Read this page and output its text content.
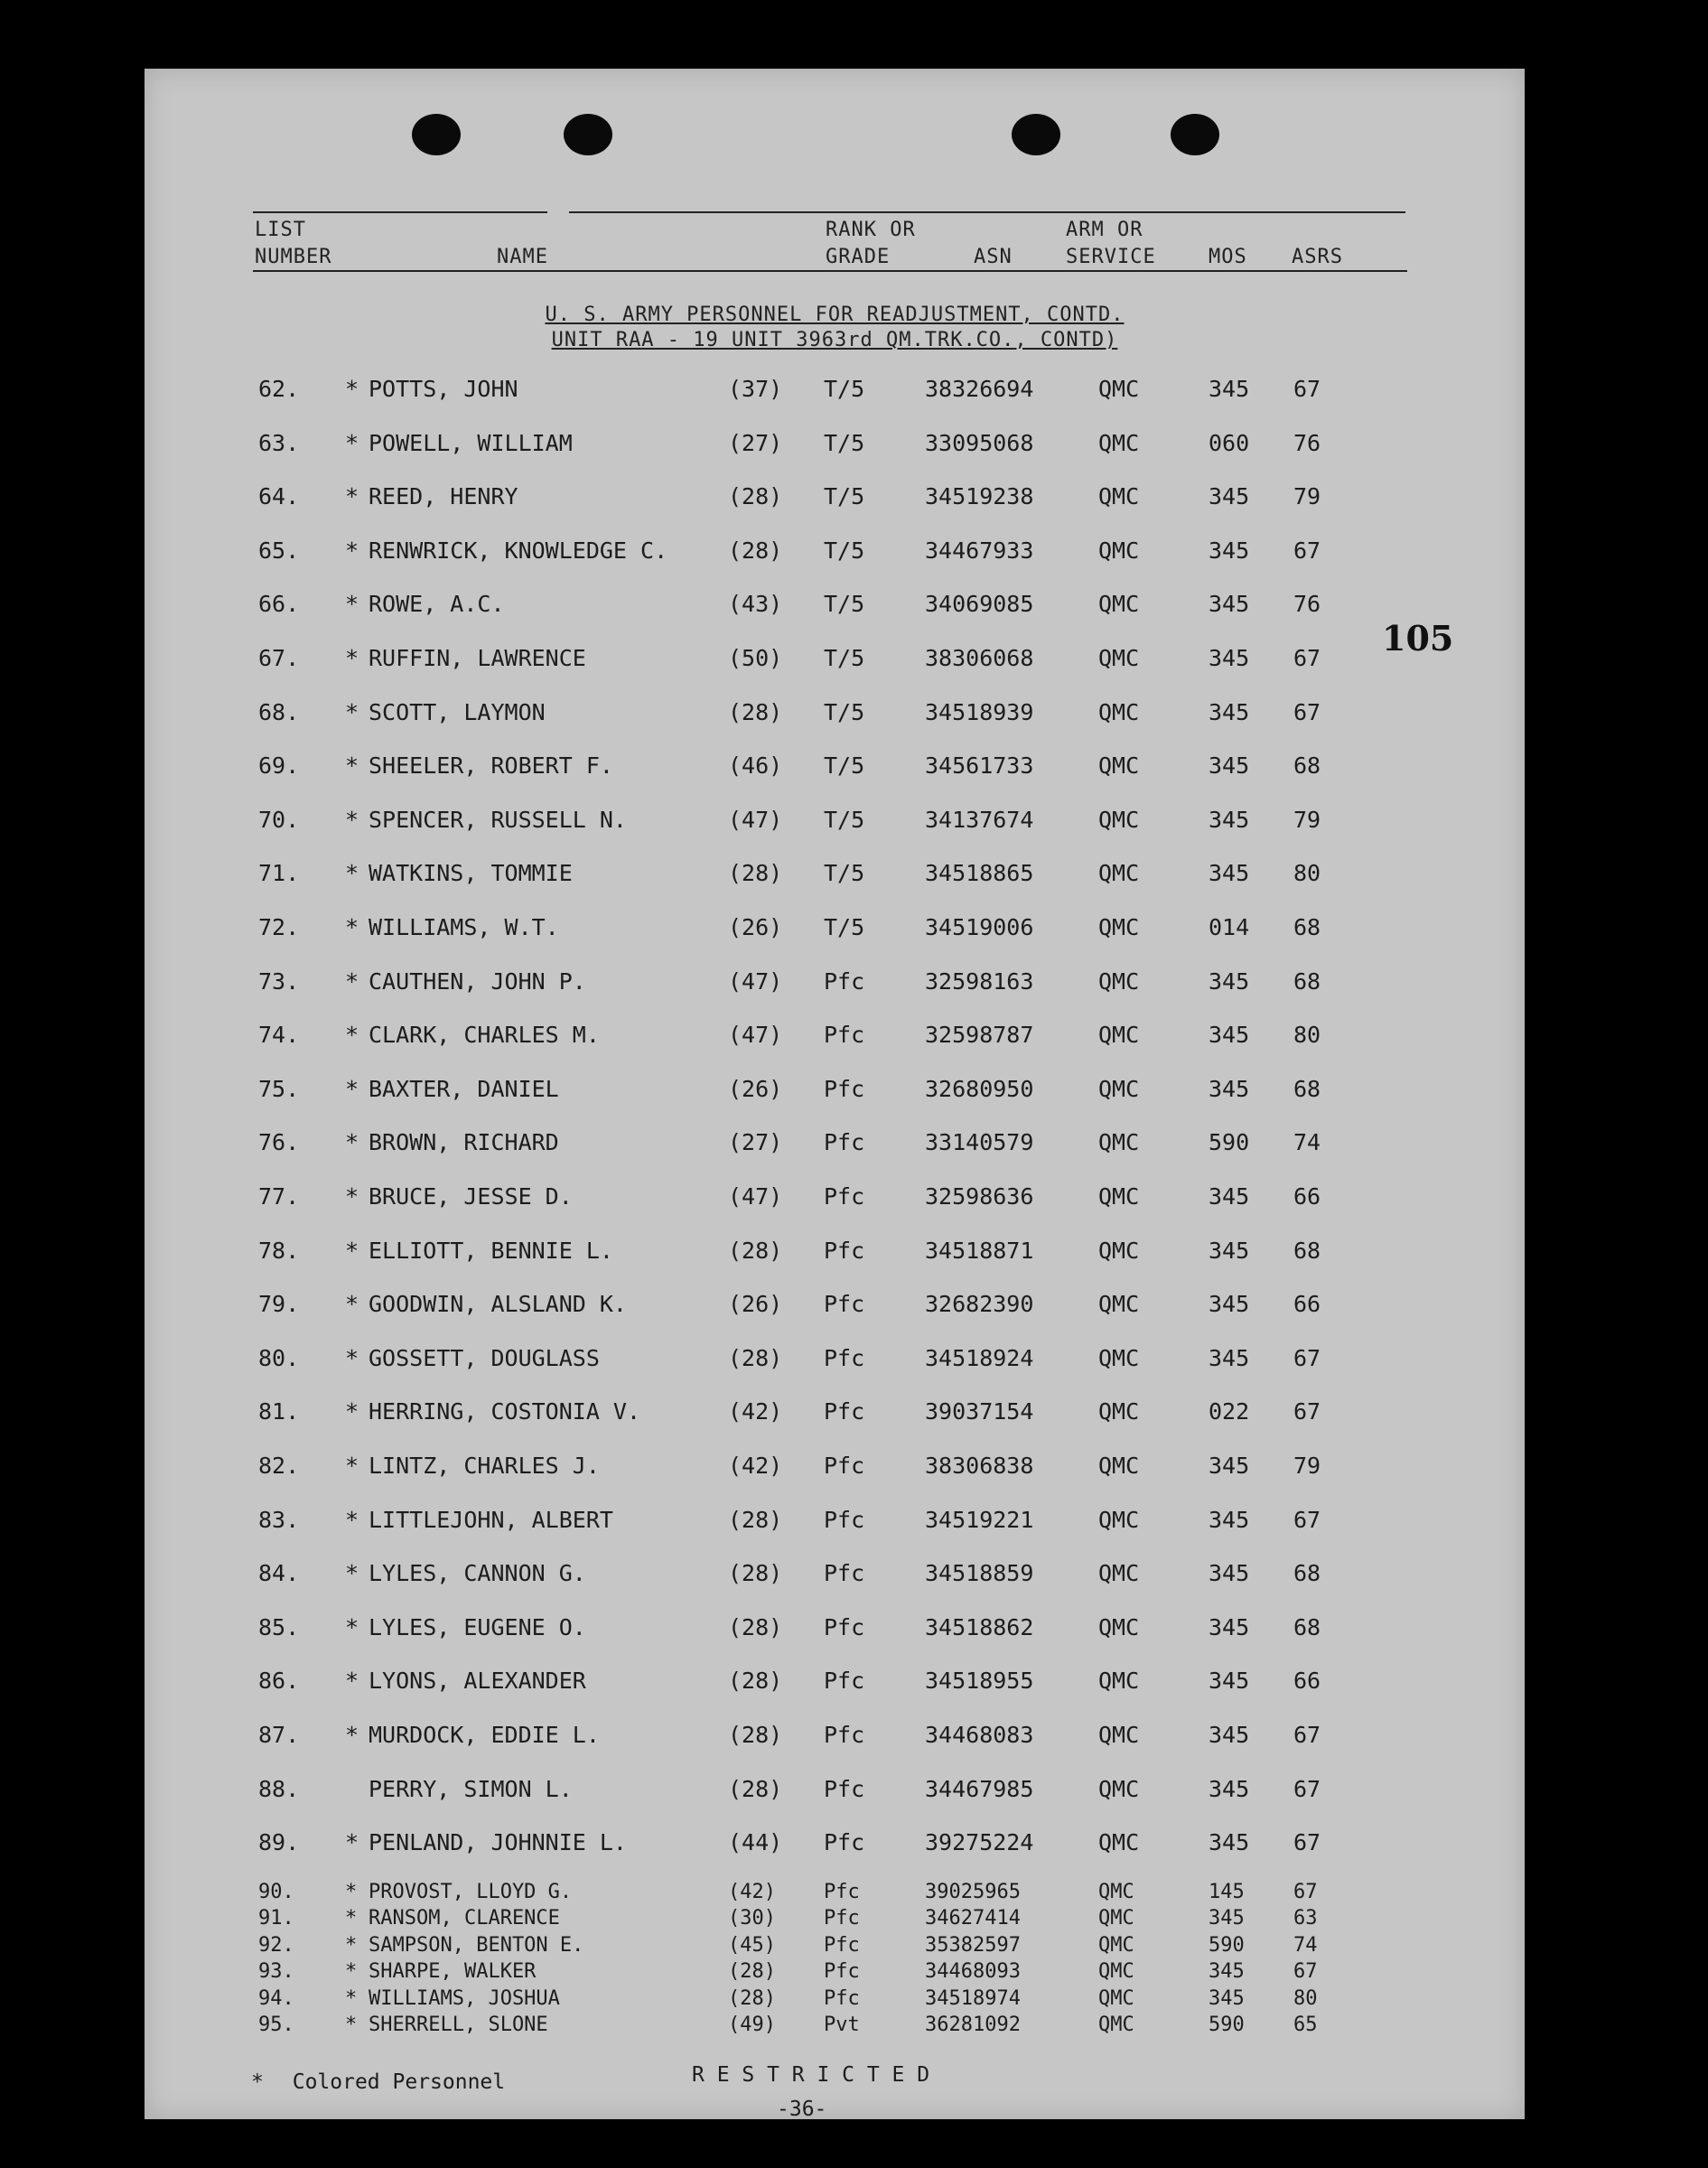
LIST
NUMBER	NAME
RANK OR
GRADE	ASN
ARM OR
SERVICE	MOS ASRS
U. S. ARMY PERSONNEL FOR READJUSTMENT, CONTD.
UNIT RAA - 19 UNIT 3963rd QM.TRK.CO., CONTD)
105
62. * POTTS, JOHN	(37) T/5	38326694	QMC	345 67
63. * POWELL, WILLIAM	(27) T/5	33095068	QMC	060 76
64. * REED, HENRY	(28) T/5	34519238	QMC	345 79
65. * RENWRICK, KNOWLEDGE C.	(28) T/5	34467933	QMC	345 67
66. * ROWE, A.C.	(43) T/5	34069085	QMC	345 76
67. * RUFFIN, LAWRENCE	(50) T/5	38306068	QMC	345 67
68. * SCOTT, LAYMON	(28) T/5	34518939	QMC	345 67
69. * SHEELER, ROBERT F.	(46) T/5	34561733	QMC	345 68
70. * SPENCER, RUSSELL N.	(47) T/5	34137674	QMC	345 79
71. * WATKINS, TOMMIE	(28) T/5	34518865	QMC	345 80
72. * WILLIAMS, W.T.	(26) T/5	34519006	QMC	014 68
73. * CAUTHEN, JOHN P.	(47) Pfc	32598163	QMC	345 68
74. * CLARK, CHARLES M.	(47) Pfc	32598787	QMC	345 80
75. * BAXTER, DANIEL	(26) Pfc	32680950	QMC	345 68
76. * BROWN, RICHARD	(27) Pfc	33140579	QMC	590 74
77. * BRUCE, JESSE D.	(47) Pfc	32598636	QMC	345 66
78. * ELLIOTT, BENNIE L.	(28) Pfc	34518871	QMC	345 68
79. * GOODWIN, ALSLAND K.	(26) Pfc	32682390	QMC	345 66
80. * GOSSETT, DOUGLASS	(28) Pfc	34518924	QMC	345 67
81. * HERRING, COSTONIA V.	(42) Pfc	39037154	QMC	022 67
82. * LINTZ, CHARLES J.	(42) Pfc	38306838	QMC	345 79
83. * LITTLEJOHN, ALBERT	(28) Pfc	34519221	QMC	345 67
84. * LYLES, CANNON G.	(28) Pfc	34518859	QMC	345 68
85. * LYLES, EUGENE O.	(28) Pfc	34518862	QMC	345 68
86. * LYONS, ALEXANDER	(28) Pfc	34518955	QMC	345 66
87. * MURDOCK, EDDIE L.	(28) Pfc	34468083	QMC	345 67
88.	PERRY, SIMON L.	(28) Pfc	34467985	QMC	345 67
89. * PENLAND, JOHNNIE L.	(44) Pfc	39275224	QMC	345 67
90.	* PROVOST, LLOYD G.	(42) Pfc	39025965	QMC	145 67
91.	* RANSOM, CLARENCE	(30) Pfc	34627414	QMC	345 63
92.	* SAMPSON, BENTON E.	(45) Pfc	35382597	QMC	590 74
93.	* SHARPE, WALKER	(28) Pfc	34468093	QMC	345 67
94.	* WILLIAMS, JOSHUA	(28) Pfc	34518974	QMC	345 80
95.	* SHERRELL, SLONE	(49) Pvt	36281092	QMC	590 65
* Colored Personnel	R E S T R I C T E D
-36-
